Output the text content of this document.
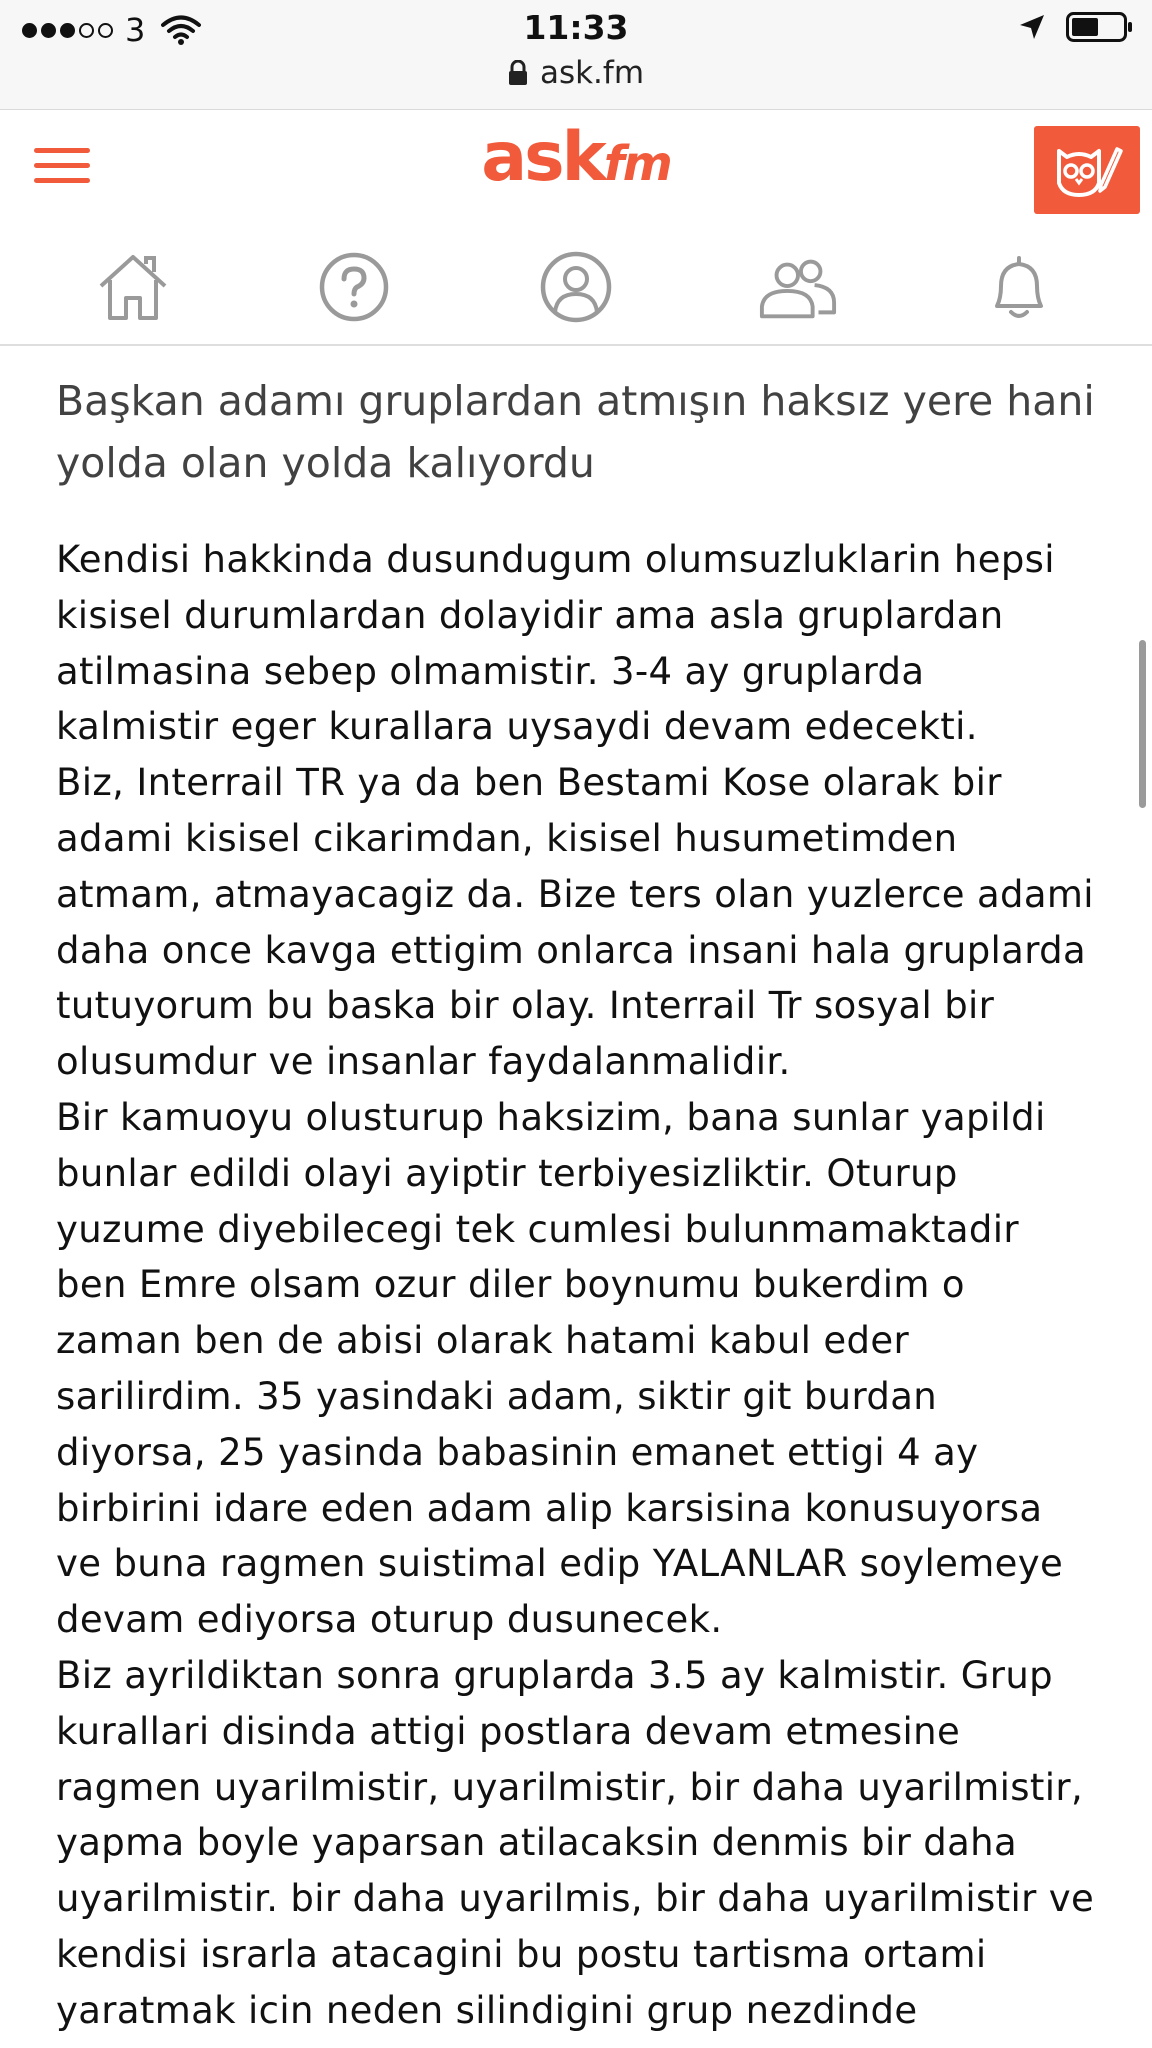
3	11:33
ask.fm
askfm
Başkan adamı gruplardan atmışın haksız yere hani yolda olan yolda kalıyordu

Kendisi hakkinda dusundugum olumsuzluklarin hepsi kisisel durumlardan dolayidir ama asla gruplardan atilmasina sebep olmamistir. 3-4 ay gruplarda kalmistir eger kurallara uysaydi devam edecekti.

Biz, Interrail TR ya da ben Bestami Kose olarak bir adami kisisel cikarimdan, kisisel husumetimden atmam, atmayacagiz da. Bize ters olan yuzlerce adami daha once kavga ettigim onlarca insani hala gruplarda tutuyorum bu baska bir olay. Interrail Tr sosyal bir olusumdur ve insanlar faydalanmalidir.

Bir kamuoyu olusturup haksizim, bana sunlar yapildi bunlar edildi olayi ayiptir terbiyesizliktir. Oturup yuzume diyebilecegi tek cumlesi bulunmamaktadir ben Emre olsam ozur diler boynumu bukerdim o zaman ben de abisi olarak hatami kabul eder sarilirdim. 35 yasindaki adam, siktir git burdan diyorsa, 25 yasinda babasinin emanet ettigi 4 ay birbirini idare eden adam alip karsisina konusuyorsa ve buna ragmen suistimal edip YALANLAR soylemeye devam ediyorsa oturup dusunecek.

Biz ayrildiktan sonra gruplarda 3.5 ay kalmistir. Grup kurallari disinda attigi postlara devam etmesine ragmen uyarilmistir, uyarilmistir, bir daha uyarilmistir, yapma boyle yaparsan atilacaksin denmis bir daha uyarilmistir. bir daha uyarilmis, bir daha uyarilmistir ve kendisi israrla atacagini bu postu tartisma ortami yaratmak icin neden silindigini grup nezdinde
